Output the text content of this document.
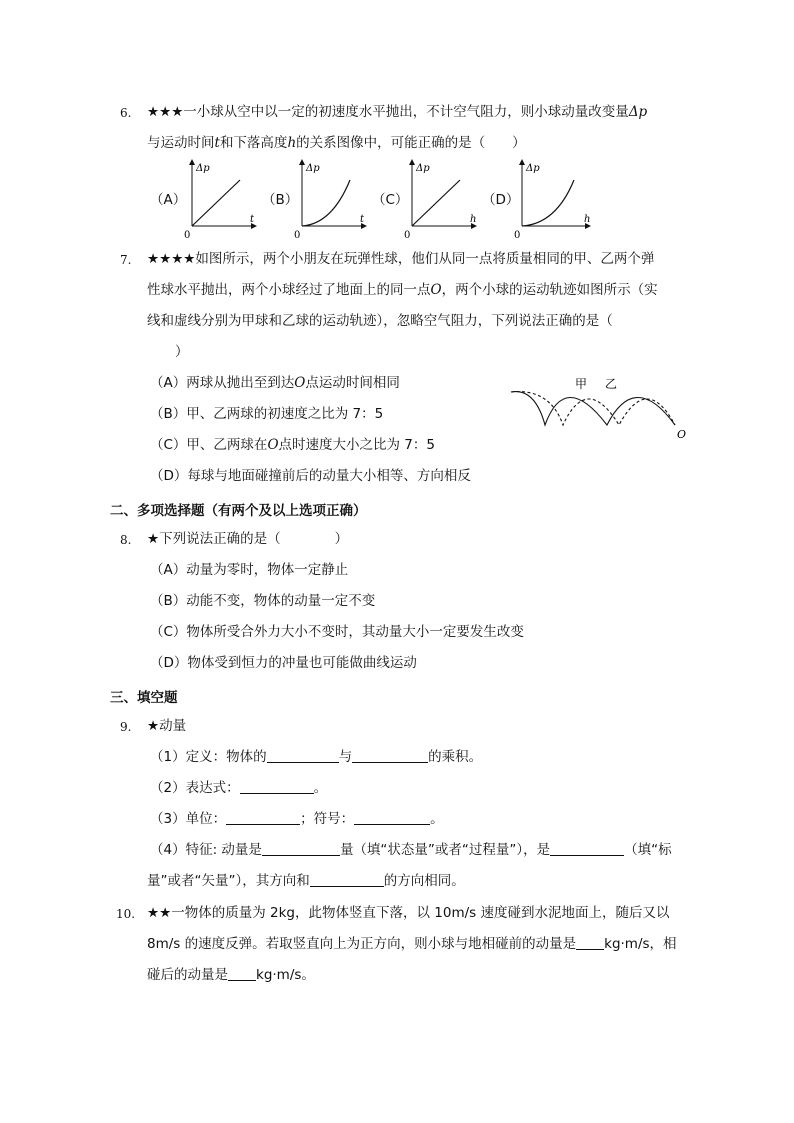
6. ★★★一小球从空中以一定的初速度水平抛出，不计空气阻力，则小球动量改变量Δp
与运动时间t和下落高度h的关系图像中，可能正确的是（　　）
（A）	（B）	（C）	（D）
Δp
t
0
Δp
t
0
Δp
h
0
Δp
h
0
7. ★★★★如图所示，两个小朋友在玩弹性球，他们从同一点将质量相同的甲、乙两个弹
性球水平抛出，两个小球经过了地面上的同一点O，两个小球的运动轨迹如图所示（实
线和虚线分别为甲球和乙球的运动轨迹），忽略空气阻力，下列说法正确的是（
）
（A）两球从抛出至到达O点运动时间相同
（B）甲、乙两球的初速度之比为 7：5
（C）甲、乙两球在O点时速度大小之比为 7：5
（D）每球与地面碰撞前后的动量大小相等、方向相反
甲 乙
O
二、多项选择题（有两个及以上选项正确）
8. ★下列说法正确的是（　　　　）
（A）动量为零时，物体一定静止
（B）动能不变，物体的动量一定不变
（C）物体所受合外力大小不变时，其动量大小一定要发生改变
（D）物体受到恒力的冲量也可能做曲线运动
三、填空题
9. ★动量
（1）定义：物体的	与	的乘积。
（2）表达式：	。
（3）单位：	；符号：	。
（4）特征: 动量是	量（填“状态量”或者“过程量”），是	（填“标
量”或者“矢量”），其方向和	的方向相同。
10. ★★一物体的质量为 2kg，此物体竖直下落，以 10m/s 速度碰到水泥地面上，随后又以
8m/s 的速度反弹。若取竖直向上为正方向，则小球与地相碰前的动量是 kg·m/s，相
碰后的动量是 kg·m/s。
